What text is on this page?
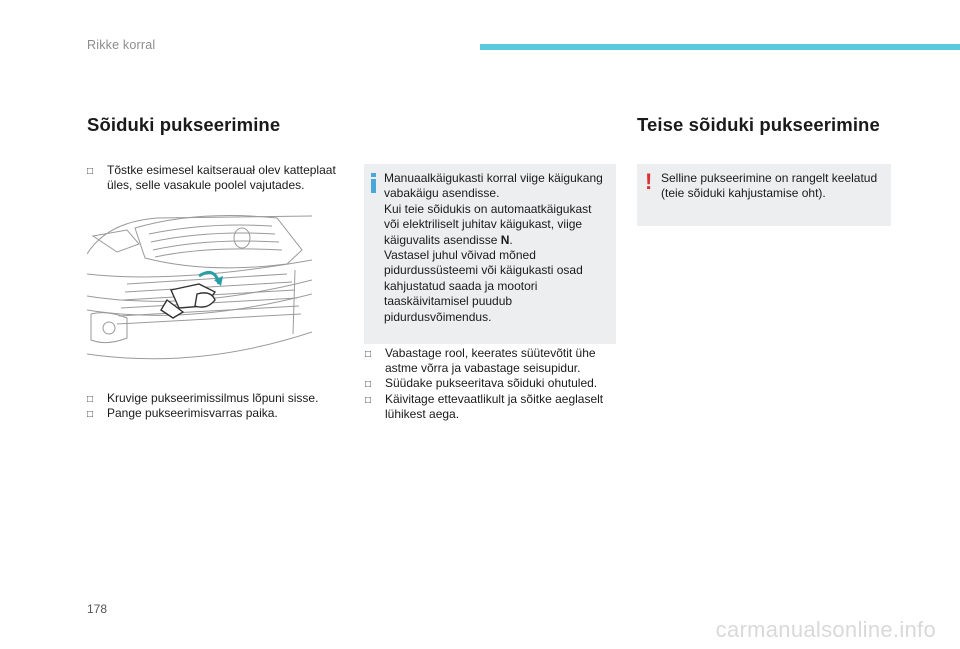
Rikke korral
Sõiduki pukseerimine	Teise sõiduki pukseerimine
□ Tõstke esimesel kaitserauał olev katteplaat üles, selle vasakule poolel vajutades.
□ Kruvige pukseerimissilmus lõpuni sisse.
□ Pange pukseerimisvarras paika.

Manuaalkäigukasti korral viige käigukang vabakäigu asendisse.

Kui teie sõidukis on automaatkäigukast või elektriliselt juhitav käigukast, viige käiguvalits asendisse N.

Vastasel juhul võivad mõned pidurdussüsteemi või käigukasti osad kahjustatud saada ja mootori taaskäivitamisel puudub pidurdusvõimendus.

□ Vabastage rool, keerates süütevõtit ühe astme võrra ja vabastage seisupidur.
□ Süüdake pukseeritava sõiduki ohutuled.
□ Käivitage ettevaatlikult ja sõitke aeglaselt lühikest aega.
! Selline pukseerimine on rangelt keelatud (teie sõiduki kahjustamise oht).

178
carmanualsonline.info
